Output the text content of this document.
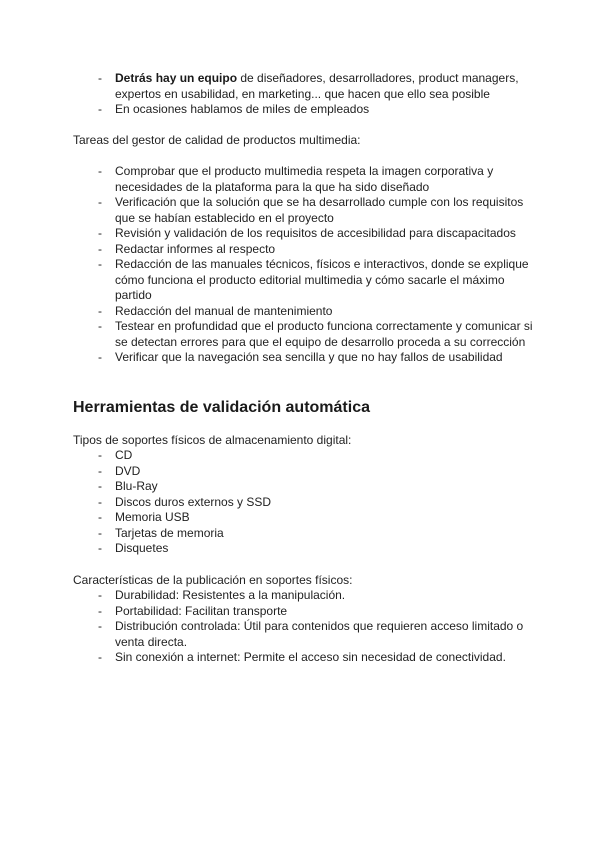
- Detrás hay un equipo de diseñadores, desarrolladores, product managers, expertos en usabilidad, en marketing... que hacen que ello sea posible
- En ocasiones hablamos de miles de empleados
Tareas del gestor de calidad de productos multimedia:
- Comprobar que el producto multimedia respeta la imagen corporativa y necesidades de la plataforma para la que ha sido diseñado
- Verificación que la solución que se ha desarrollado cumple con los requisitos que se habían establecido en el proyecto
- Revisión y validación de los requisitos de accesibilidad para discapacitados
- Redactar informes al respecto
- Redacción de las manuales técnicos, físicos e interactivos, donde se explique cómo funciona el producto editorial multimedia y cómo sacarle el máximo partido
- Redacción del manual de mantenimiento
- Testear en profundidad que el producto funciona correctamente y comunicar si se detectan errores para que el equipo de desarrollo proceda a su corrección
- Verificar que la navegación sea sencilla y que no hay fallos de usabilidad
Herramientas de validación automática
Tipos de soportes físicos de almacenamiento digital:
- CD
- DVD
- Blu-Ray
- Discos duros externos y SSD
- Memoria USB
- Tarjetas de memoria
- Disquetes
Características de la publicación en soportes físicos:
- Durabilidad: Resistentes a la manipulación.
- Portabilidad: Facilitan transporte
- Distribución controlada: Útil para contenidos que requieren acceso limitado o venta directa.
- Sin conexión a internet: Permite el acceso sin necesidad de conectividad.
